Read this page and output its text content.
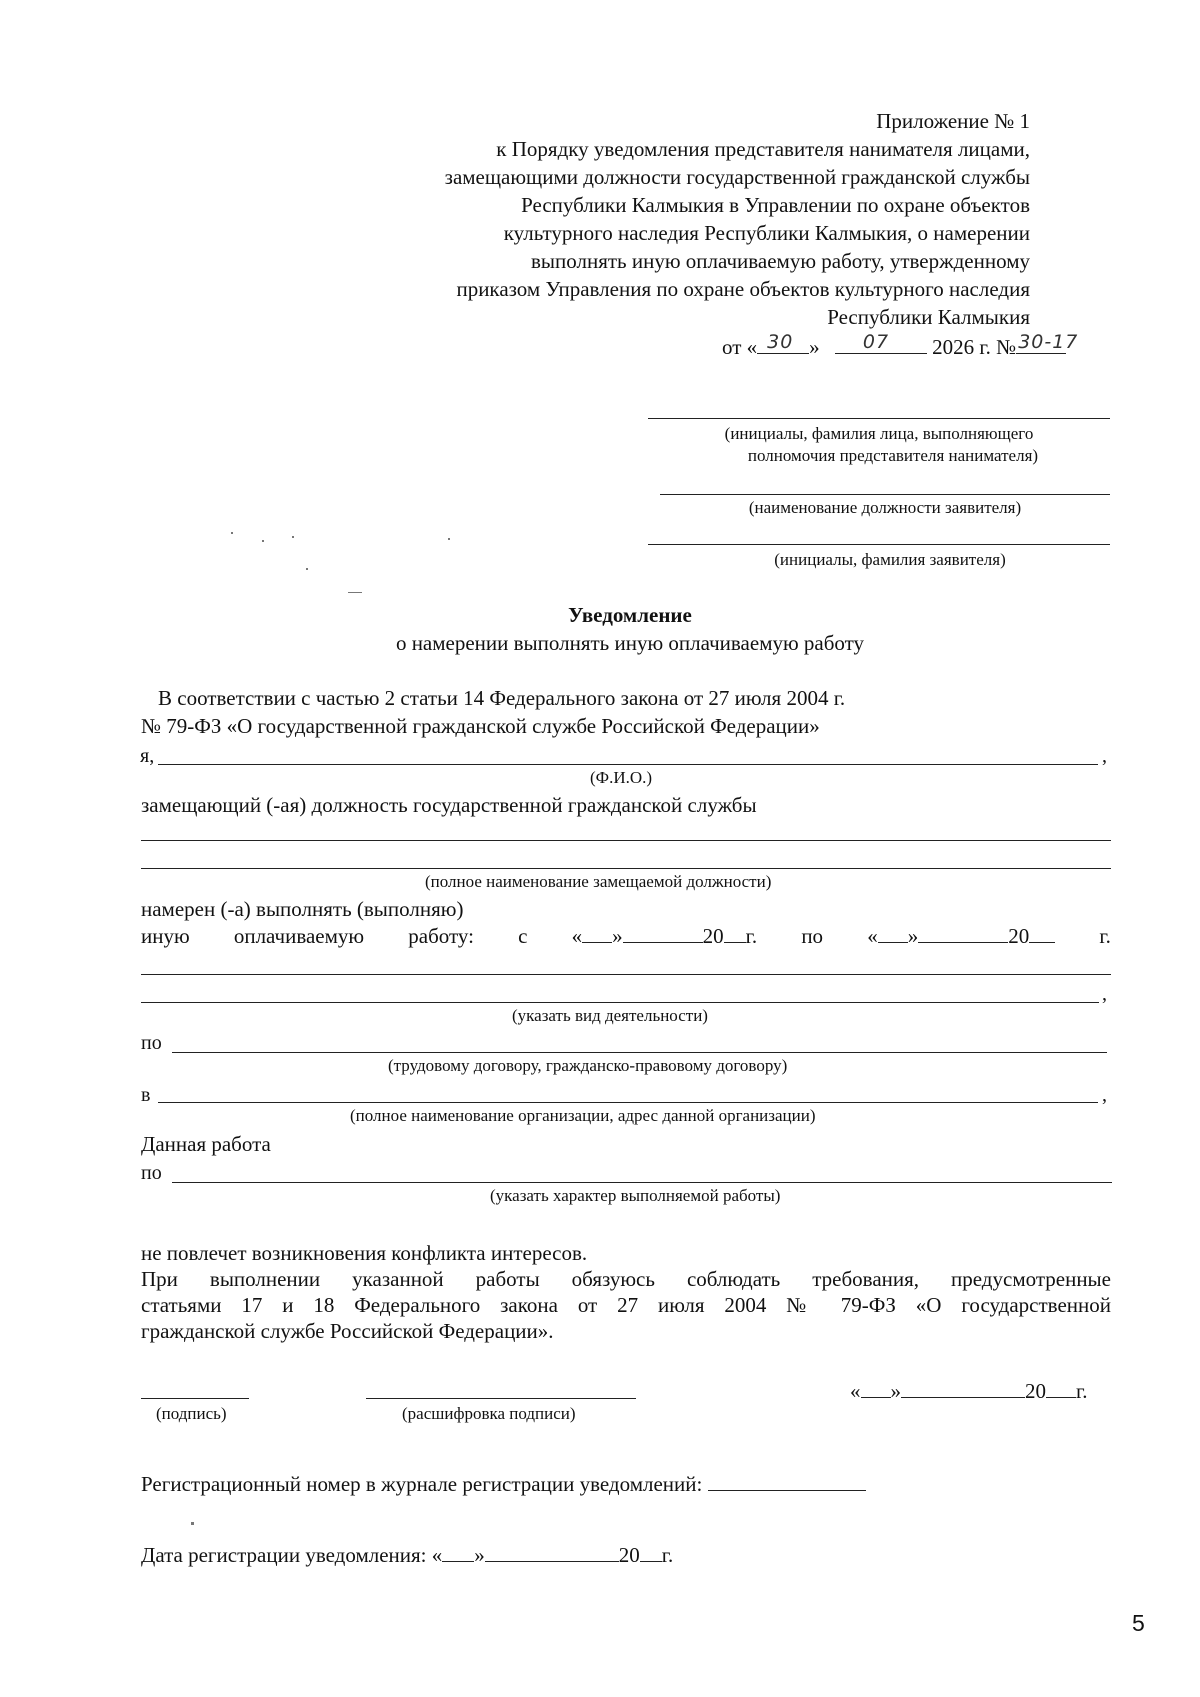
Приложение № 1
к Порядку уведомления представителя нанимателя лицами,
замещающими должности государственной гражданской службы
Республики Калмыкия в Управлении по охране объектов
культурного наследия Республики Калмыкия, о намерении
выполнять иную оплачиваемую работу, утвержденному
приказом Управления по охране объектов культурного наследия
Республики Калмыкия
от « 30 » 07 2026 г. № 30-17
(инициалы, фамилия лица, выполняющего
полномочия представителя нанимателя)
(наименование должности заявителя)
(инициалы, фамилия заявителя)
Уведомление
о намерении выполнять иную оплачиваемую работу
В соответствии с частью 2 статьи 14 Федерального закона от 27 июля 2004 г.
№ 79-ФЗ «О государственной гражданской службе Российской Федерации»
я,	,
(Ф.И.О.)
замещающий (-ая) должность государственной гражданской службы
(полное наименование замещаемой должности)
намерен (-а) выполнять (выполняю)
иную оплачиваемую работу: с « »	20 г. по « »	20	г.
,
(указать вид деятельности)
по
(трудовому договору, гражданско-правовому договору)
в	,
(полное наименование организации, адрес данной организации)
Данная работа
по
(указать характер выполняемой работы)
не повлечет возникновения конфликта интересов.
При выполнении указанной работы обязуюсь соблюдать требования, предусмотренные
статьями 17 и 18 Федерального закона от 27 июля 2004 № 79-ФЗ «О государственной
гражданской службе Российской Федерации».
(подпись)	(расшифровка подписи)
« »	20 г.
Регистрационный номер в журнале регистрации уведомлений:
Дата регистрации уведомления: « »	20 г.
5
